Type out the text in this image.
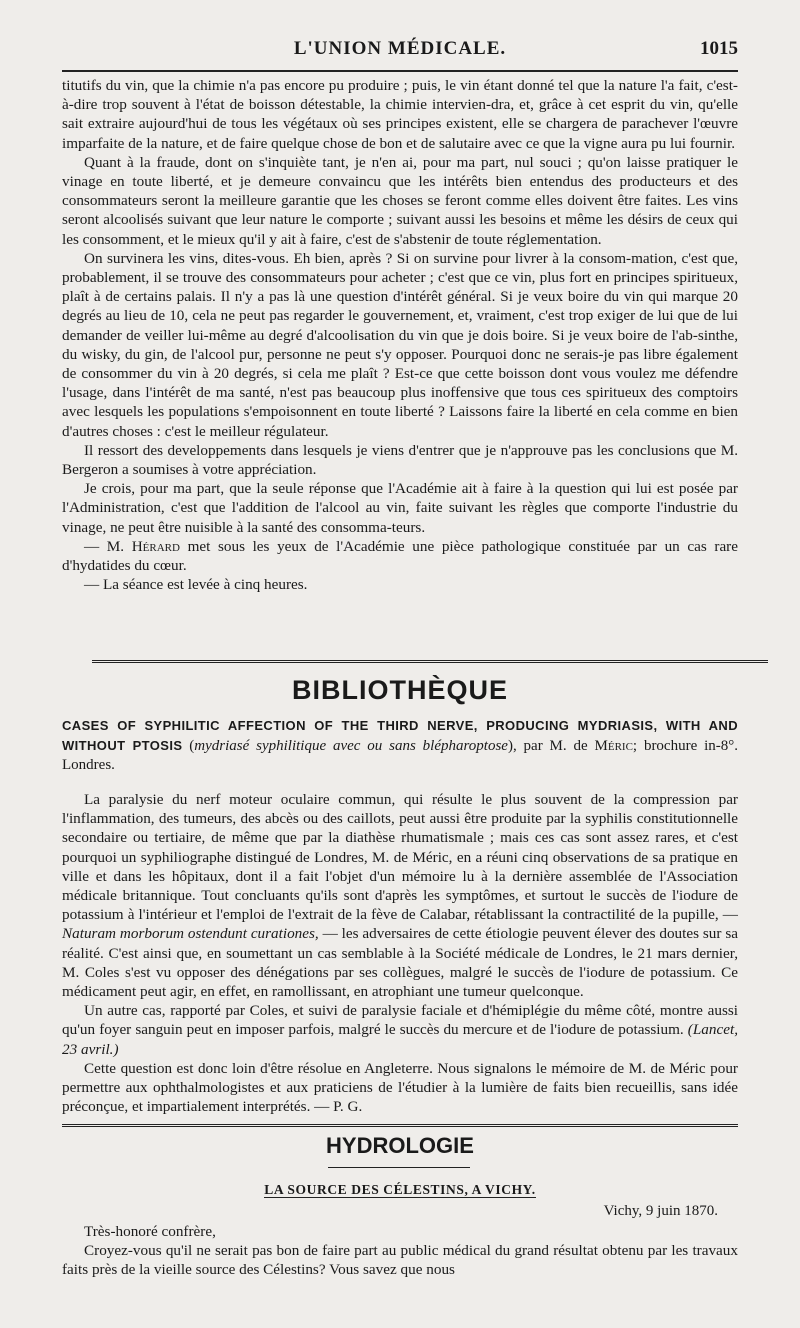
L'UNION MÉDICALE.	1015

titutifs du vin, que la chimie n'a pas encore pu produire ; puis, le vin étant donné tel que la nature l'a fait, c'est-à-dire trop souvent à l'état de boisson détestable, la chimie intervien-dra, et, grâce à cet esprit du vin, qu'elle sait extraire aujourd'hui de tous les végétaux où ses principes existent, elle se chargera de parachever l'œuvre imparfaite de la nature, et de faire quelque chose de bon et de salutaire avec ce que la vigne aura pu lui fournir.

Quant à la fraude, dont on s'inquiète tant, je n'en ai, pour ma part, nul souci ; qu'on laisse pratiquer le vinage en toute liberté, et je demeure convaincu que les intérêts bien entendus des producteurs et des consommateurs seront la meilleure garantie que les choses se feront comme elles doivent être faites. Les vins seront alcoolisés suivant que leur nature le comporte ; suivant aussi les besoins et même les désirs de ceux qui les consomment, et le mieux qu'il y ait à faire, c'est de s'abstenir de toute réglementation.

On survinera les vins, dites-vous. Eh bien, après ? Si on survine pour livrer à la consom-mation, c'est que, probablement, il se trouve des consommateurs pour acheter ; c'est que ce vin, plus fort en principes spiritueux, plaît à de certains palais. Il n'y a pas là une question d'intérêt général. Si je veux boire du vin qui marque 20 degrés au lieu de 10, cela ne peut pas regarder le gouvernement, et, vraiment, c'est trop exiger de lui que de lui demander de veiller lui-même au degré d'alcoolisation du vin que je dois boire. Si je veux boire de l'ab-sinthe, du wisky, du gin, de l'alcool pur, personne ne peut s'y opposer. Pourquoi donc ne serais-je pas libre également de consommer du vin à 20 degrés, si cela me plaît ? Est-ce que cette boisson dont vous voulez me défendre l'usage, dans l'intérêt de ma santé, n'est pas beaucoup plus inoffensive que tous ces spiritueux des comptoirs avec lesquels les populations s'empoisonnent en toute liberté ? Laissons faire la liberté en cela comme en bien d'autres choses : c'est le meilleur régulateur.

Il ressort des developpements dans lesquels je viens d'entrer que je n'approuve pas les conclusions que M. Bergeron a soumises à votre appréciation.

Je crois, pour ma part, que la seule réponse que l'Académie ait à faire à la question qui lui est posée par l'Administration, c'est que l'addition de l'alcool au vin, faite suivant les règles que comporte l'industrie du vinage, ne peut être nuisible à la santé des consomma-teurs.

— M. Hérard met sous les yeux de l'Académie une pièce pathologique constituée par un cas rare d'hydatides du cœur.

— La séance est levée à cinq heures.

BIBLIOTHÈQUE
CASES OF SYPHILITIC AFFECTION OF THE THIRD NERVE, PRODUCING MYDRIASIS, WITH AND WITHOUT PTOSIS (mydriasé syphilitique avec ou sans blépharoptose), par M. de Méric; brochure in-8°. Londres.

La paralysie du nerf moteur oculaire commun, qui résulte le plus souvent de la compression par l'inflammation, des tumeurs, des abcès ou des caillots, peut aussi être produite par la syphilis constitutionnelle secondaire ou tertiaire, de même que par la diathèse rhumatismale ; mais ces cas sont assez rares, et c'est pourquoi un syphiliographe distingué de Londres, M. de Méric, en a réuni cinq observations de sa pratique en ville et dans les hôpitaux, dont il a fait l'objet d'un mémoire lu à la dernière assemblée de l'Association médicale britannique. Tout concluants qu'ils sont d'après les symptômes, et surtout le succès de l'iodure de potassium à l'intérieur et l'emploi de l'extrait de la fève de Calabar, rétablissant la contractilité de la pupille, — Naturam morborum ostendunt curationes, — les adversaires de cette étiologie peuvent élever des doutes sur sa réalité. C'est ainsi que, en soumettant un cas semblable à la Société médicale de Londres, le 21 mars dernier, M. Coles s'est vu opposer des dénégations par ses collègues, malgré le succès de l'iodure de potassium. Ce médicament peut agir, en effet, en ramollissant, en atrophiant une tumeur quelconque.

Un autre cas, rapporté par Coles, et suivi de paralysie faciale et d'hémiplégie du même côté, montre aussi qu'un foyer sanguin peut en imposer parfois, malgré le succès du mercure et de l'iodure de potassium. (Lancet, 23 avril.)

Cette question est donc loin d'être résolue en Angleterre. Nous signalons le mémoire de M. de Méric pour permettre aux ophthalmologistes et aux praticiens de l'étudier à la lumière de faits bien recueillis, sans idée préconçue, et impartialement interprétés. — P. G.

HYDROLOGIE
LA SOURCE DES CÉLESTINS, A VICHY.
Vichy, 9 juin 1870.

Très-honoré confrère,

Croyez-vous qu'il ne serait pas bon de faire part au public médical du grand résultat obtenu par les travaux faits près de la vieille source des Célestins? Vous savez que nous
